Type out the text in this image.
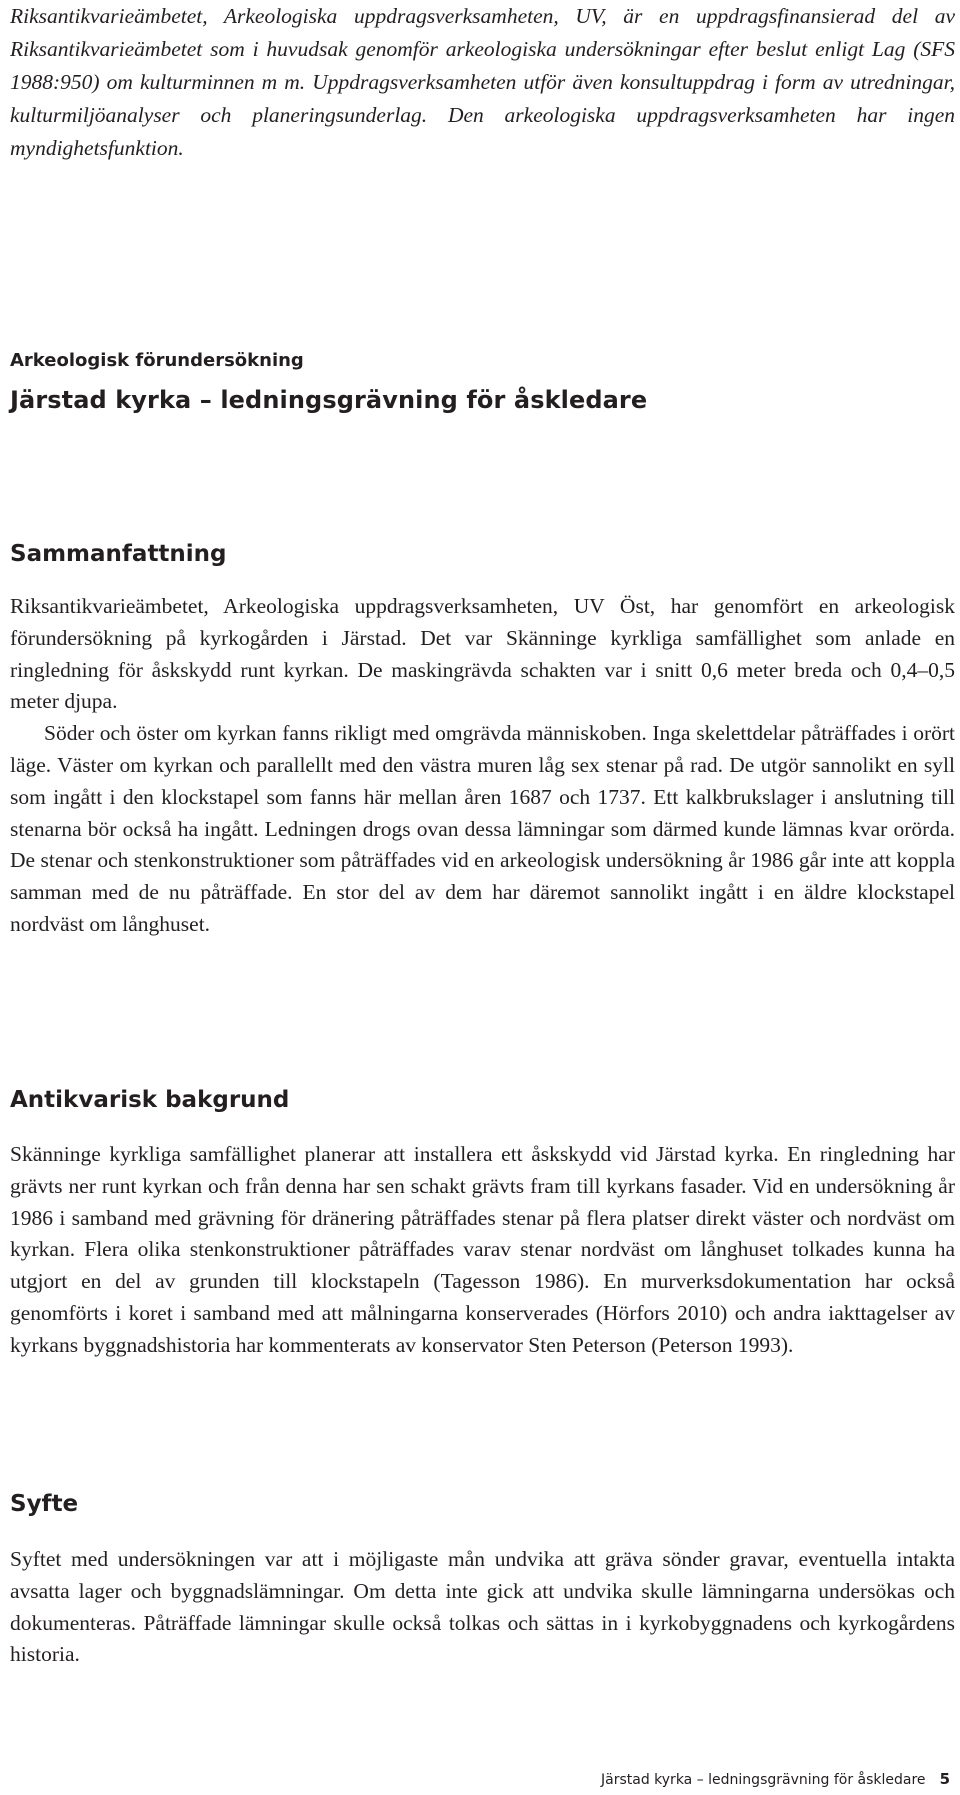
Riksantikvarieämbetet, Arkeologiska uppdragsverksamheten, UV, är en uppdragsfinansierad del av Riksantikvarieämbetet som i huvudsak genomför arkeologiska undersökningar efter beslut enligt Lag (SFS 1988:950) om kulturminnen m m. Uppdragsverksamheten utför även konsultuppdrag i form av utredningar, kulturmiljöanalyser och planeringsunderlag. Den arkeologiska uppdragsverksamheten har ingen myndighetsfunktion.

Arkeologisk förundersökning

Järstad kyrka – ledningsgrävning för åskledare
Sammanfattning

Riksantikvarieämbetet, Arkeologiska uppdragsverksamheten, UV Öst, har genomfört en arkeologisk förundersökning på kyrkogården i Järstad. Det var Skänninge kyrkliga samfällighet som anlade en ringledning för åskskydd runt kyrkan. De maskingrävda schakten var i snitt 0,6 meter breda och 0,4–0,5 meter djupa.

Söder och öster om kyrkan fanns rikligt med omgrävda människoben. Inga skelettdelar påträffades i orört läge. Väster om kyrkan och parallellt med den västra muren låg sex stenar på rad. De utgör sannolikt en syll som ingått i den klockstapel som fanns här mellan åren 1687 och 1737. Ett kalkbrukslager i anslutning till stenarna bör också ha ingått. Ledningen drogs ovan dessa lämningar som därmed kunde lämnas kvar orörda. De stenar och stenkonstruktioner som påträffades vid en arkeologisk undersökning år 1986 går inte att koppla samman med de nu påträffade. En stor del av dem har däremot sannolikt ingått i en äldre klockstapel nordväst om långhuset.

Antikvarisk bakgrund

Skänninge kyrkliga samfällighet planerar att installera ett åskskydd vid Järstad kyrka. En ringledning har grävts ner runt kyrkan och från denna har sen schakt grävts fram till kyrkans fasader. Vid en undersökning år 1986 i samband med grävning för dränering påträffades stenar på flera platser direkt väster och nordväst om kyrkan. Flera olika stenkonstruktioner påträffades varav stenar nordväst om långhuset tolkades kunna ha utgjort en del av grunden till klockstapeln (Tagesson 1986). En murverksdokumentation har också genomförts i koret i samband med att målningarna konserverades (Hörfors 2010) och andra iakttagelser av kyrkans byggnadshistoria har kommenterats av konservator Sten Peterson (Peterson 1993).

Syfte

Syftet med undersökningen var att i möjligaste mån undvika att gräva sönder gravar, eventuella intakta avsatta lager och byggnadslämningar. Om detta inte gick att undvika skulle lämningarna undersökas och dokumenteras. Påträffade lämningar skulle också tolkas och sättas in i kyrkobyggnadens och kyrkogårdens historia.

Järstad kyrka – ledningsgrävning för åskledare 5
